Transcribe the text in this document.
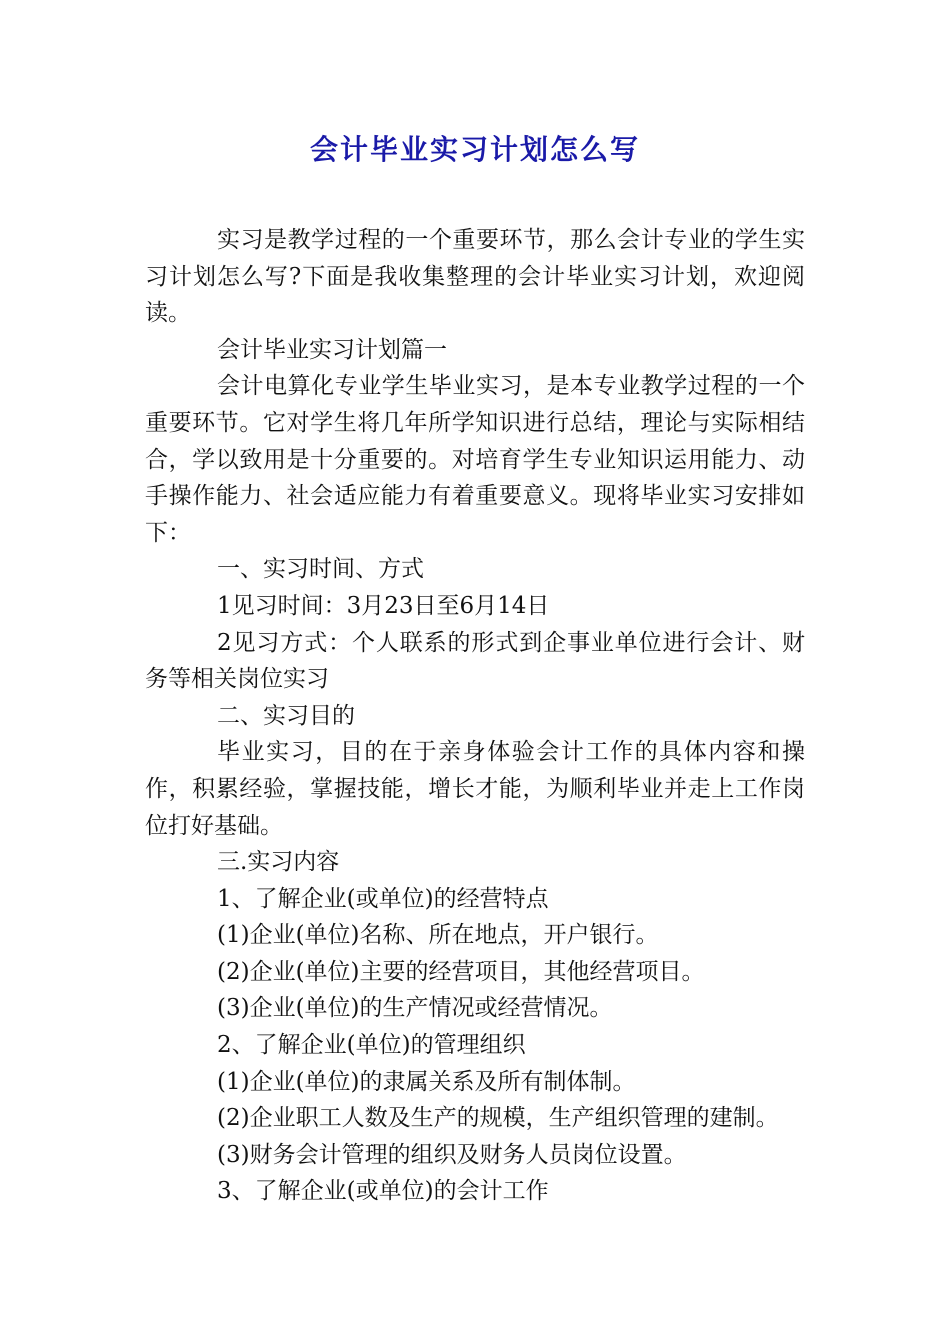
会计毕业实习计划怎么写

实习是教学过程的一个重要环节，那么会计专业的学生实习计划怎么写?下面是我收集整理的会计毕业实习计划，欢迎阅读。

会计毕业实习计划篇一

会计电算化专业学生毕业实习，是本专业教学过程的一个重要环节。它对学生将几年所学知识进行总结，理论与实际相结合，学以致用是十分重要的。对培育学生专业知识运用能力、动手操作能力、社会适应能力有着重要意义。现将毕业实习安排如下：

一、实习时间、方式

1见习时间：3月23日至6月14日

2见习方式：个人联系的形式到企事业单位进行会计、财务等相关岗位实习

二、实习目的

毕业实习，目的在于亲身体验会计工作的具体内容和操作，积累经验，掌握技能，增长才能，为顺利毕业并走上工作岗位打好基础。

三.实习内容

1、了解企业(或单位)的经营特点

(1)企业(单位)名称、所在地点，开户银行。

(2)企业(单位)主要的经营项目，其他经营项目。

(3)企业(单位)的生产情况或经营情况。

2、了解企业(单位)的管理组织

(1)企业(单位)的隶属关系及所有制体制。

(2)企业职工人数及生产的规模，生产组织管理的建制。

(3)财务会计管理的组织及财务人员岗位设置。

3、了解企业(或单位)的会计工作
